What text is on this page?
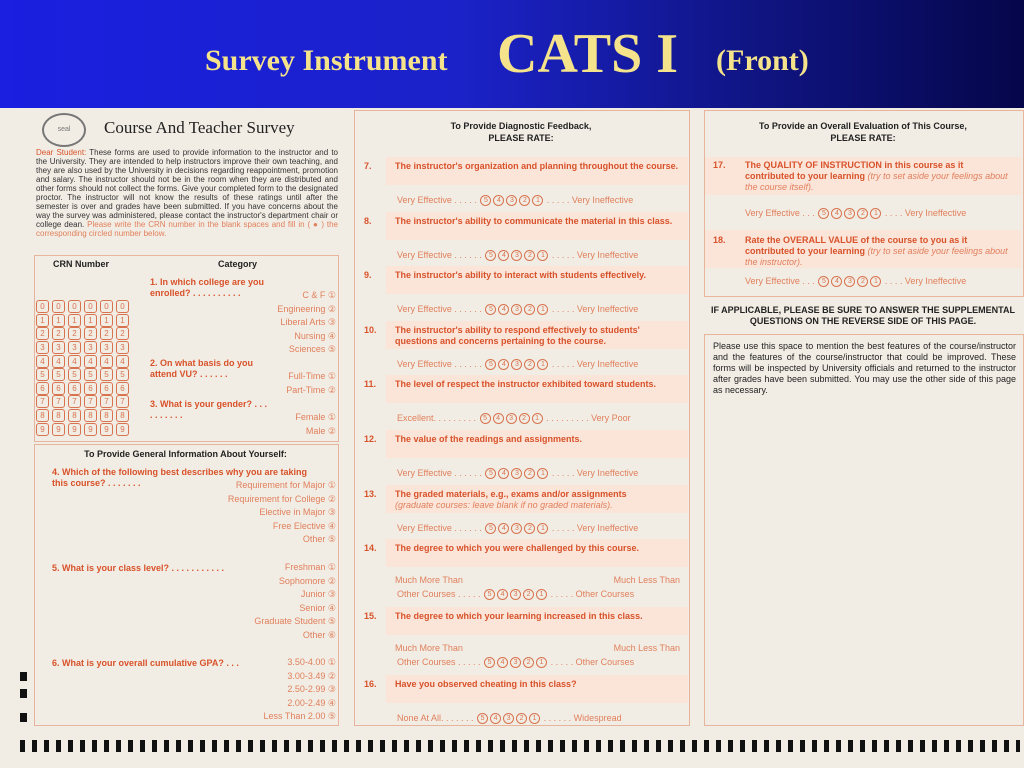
Survey Instrument CATS I (Front)
seal	Course And Teacher Survey
Dear Student: These forms are used to provide information to the instructor and to the University. They are intended to help instructors improve their own teaching, and they are also used by the University in decisions regarding reappointment, promotion and salary. The instructor should not be in the room when they are distributed and other forms should not collect the forms. Give your completed form to the designated proctor. The instructor will not know the results of these ratings until after the semester is over and grades have been submitted. If you have concerns about the way the survey was administered, please contact the instructor's department chair or college dean. Please write the CRN number in the blank spaces and fill in ( ● ) the corresponding circled number below.
CRN Number	Category
0 0 0 0 0 0
1 1 1 1 1 1
2 2 2 2 2 2
3 3 3 3 3 3
4 4 4 4 4 4
5 5 5 5 5 5
6 6 6 6 6 6
7 7 7 7 7 7
8 8 8 8 8 8
9 9 9 9 9 9
1. In which college are you enrolled? . . . . . . . . . .	C & F ①
Engineering ②
Liberal Arts ③
Nursing ④
Sciences ⑤
2. On what basis do you attend VU? . . . . . .	Full-Time ①
Part-Time ②
3. What is your gender? . . . . . . . . . .	Female ①
Male ②
To Provide General Information About Yourself:
4. Which of the following best describes why you are taking this course? . . . . . . .	Requirement for Major ①
Requirement for College ②
Elective in Major ③
Free Elective ④
Other ⑤
5. What is your class level? . . . . . . . . . . .	Freshman ①
Sophomore ②
Junior ③
Senior ④
Graduate Student ⑤
Other ⑥
6. What is your overall cumulative GPA? . . .	3.50-4.00 ①
3.00-3.49 ②
2.50-2.99 ③
2.00-2.49 ④
Less Than 2.00 ⑤
To Provide Diagnostic Feedback,
PLEASE RATE:
7.	The instructor's organization and planning throughout the course.
Very Effective . . . . . 5 4 3 2 1 . . . . . Very Ineffective
8.	The instructor's ability to communicate the material in this class.
Very Effective . . . . . . 5 4 3 2 1 . . . . . Very Ineffective
9.	The instructor's ability to interact with students effectively.
Very Effective . . . . . . 5 4 3 2 1 . . . . . Very Ineffective
10. The instructor's ability to respond effectively to students' questions and concerns pertaining to the course.
Very Effective . . . . . . 5 4 3 2 1 . . . . . Very Ineffective
11. The level of respect the instructor exhibited toward students.
Excellent. . . . . . . . . 5 4 3 2 1 . . . . . . . . . Very Poor
12. The value of the readings and assignments.
Very Effective . . . . . . 5 4 3 2 1 . . . . . Very Ineffective
13. The graded materials, e.g., exams and/or assignments
(graduate courses: leave blank if no graded materials).
Very Effective . . . . . . 5 4 3 2 1 . . . . . Very Ineffective
14. The degree to which you were challenged by this course.
Much More Than	Much Less Than
Other Courses . . . . . 5 4 3 2 1 . . . . . Other Courses
15. The degree to which your learning increased in this class.
Much More Than	Much Less Than
Other Courses . . . . . 5 4 3 2 1 . . . . . Other Courses
16. Have you observed cheating in this class?
None At All. . . . . . . 5 4 3 2 1 . . . . . . Widespread
To Provide an Overall Evaluation of This Course,
PLEASE RATE:
17. The QUALITY OF INSTRUCTION in this course as it contributed to your learning (try to set aside your feelings about the course itself).
Very Effective . . . 5 4 3 2 1 . . . . Very Ineffective
18. Rate the OVERALL VALUE of the course to you as it contributed to your learning (try to set aside your feelings about the instructor).
Very Effective . . . 5 4 3 2 1 . . . . Very Ineffective
IF APPLICABLE, PLEASE BE SURE TO ANSWER THE SUPPLEMENTAL QUESTIONS ON THE REVERSE SIDE OF THIS PAGE.
Please use this space to mention the best features of the course/instructor and the features of the course/instructor that could be improved. These forms will be inspected by University officials and returned to the instructor after grades have been submitted. You may use the other side of this page as necessary.
